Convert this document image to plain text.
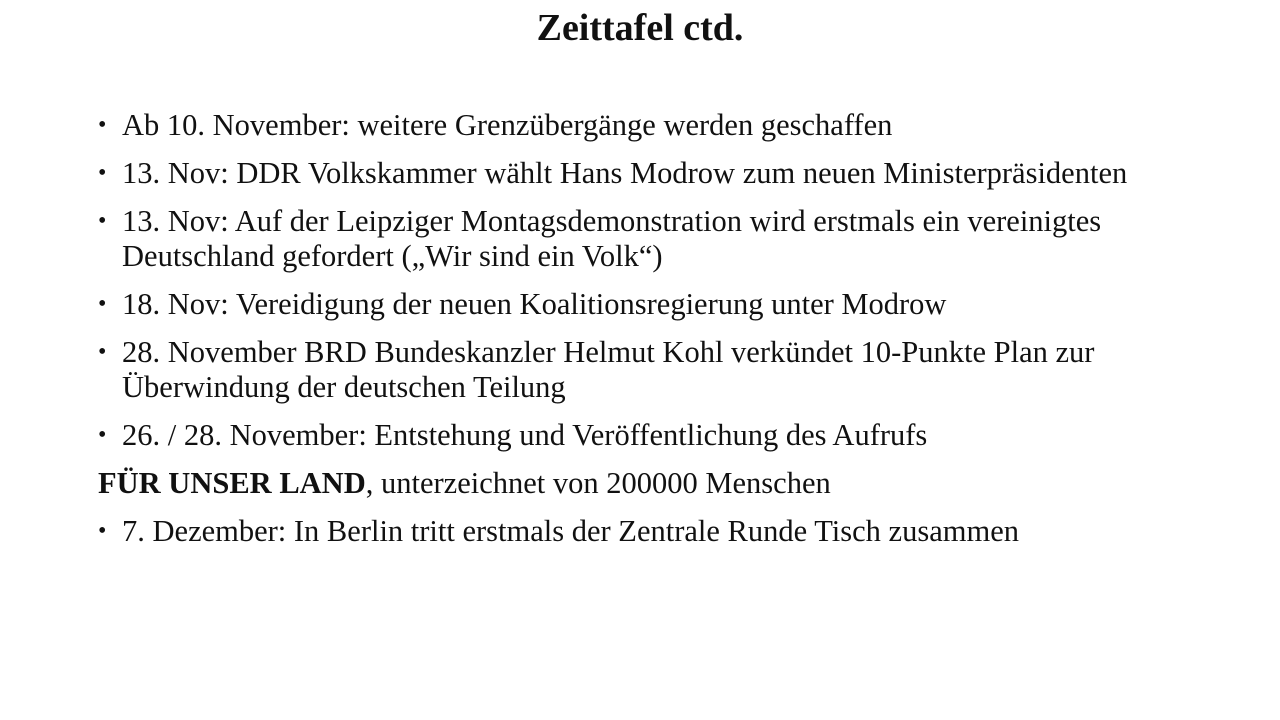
Zeittafel ctd.
• Ab 10. November: weitere Grenzübergänge werden geschaffen
• 13. Nov: DDR Volkskammer wählt Hans Modrow zum neuen Ministerpräsidenten
• 13. Nov: Auf der Leipziger Montagsdemonstration wird erstmals ein vereinigtes Deutschland gefordert („Wir sind ein Volk“)
• 18. Nov: Vereidigung der neuen Koalitionsregierung unter Modrow
• 28. November BRD Bundeskanzler Helmut Kohl verkündet 10-Punkte Plan zur Überwindung der deutschen Teilung
• 26. / 28. November: Entstehung und Veröffentlichung des Aufrufs
FÜR UNSER LAND, unterzeichnet von 200000 Menschen
• 7. Dezember: In Berlin tritt erstmals der Zentrale Runde Tisch zusammen
